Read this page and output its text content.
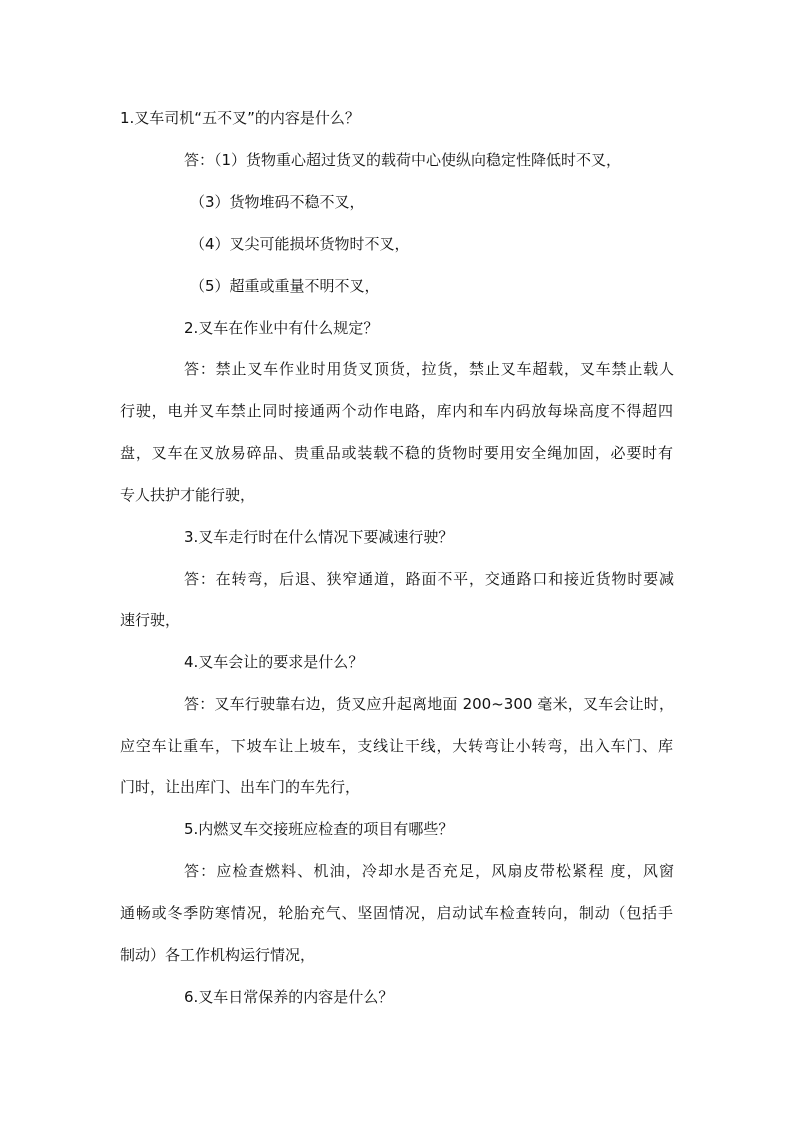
1.叉车司机“五不叉”的内容是什么？
答：（1）货物重心超过货叉的载荷中心使纵向稳定性降低时不叉，
（3）货物堆码不稳不叉，
（4）叉尖可能损坏货物时不叉，
（5）超重或重量不明不叉，
2.叉车在作业中有什么规定？
答：禁止叉车作业时用货叉顶货，拉货，禁止叉车超载，叉车禁止载人
行驶，电并叉车禁止同时接通两个动作电路，库内和车内码放每垛高度不得超四
盘，叉车在叉放易碎品、贵重品或装载不稳的货物时要用安全绳加固，必要时有
专人扶护才能行驶，
3.叉车走行时在什么情况下要减速行驶？
答：在转弯，后退、狭窄通道，路面不平，交通路口和接近货物时要减
速行驶，
4.叉车会让的要求是什么？
答：叉车行驶靠右边，货叉应升起离地面 200~300 毫米，叉车会让时，
应空车让重车，下坡车让上坡车，支线让干线，大转弯让小转弯，出入车门、库
门时，让出库门、出车门的车先行，
5.内燃叉车交接班应检查的项目有哪些？
答：应检查燃料、机油，冷却水是否充足，风扇皮带松紧程 度，风窗
通畅或冬季防寒情况，轮胎充气、坚固情况，启动试车检查转向，制动（包括手
制动）各工作机构运行情况，
6.叉车日常保养的内容是什么？
